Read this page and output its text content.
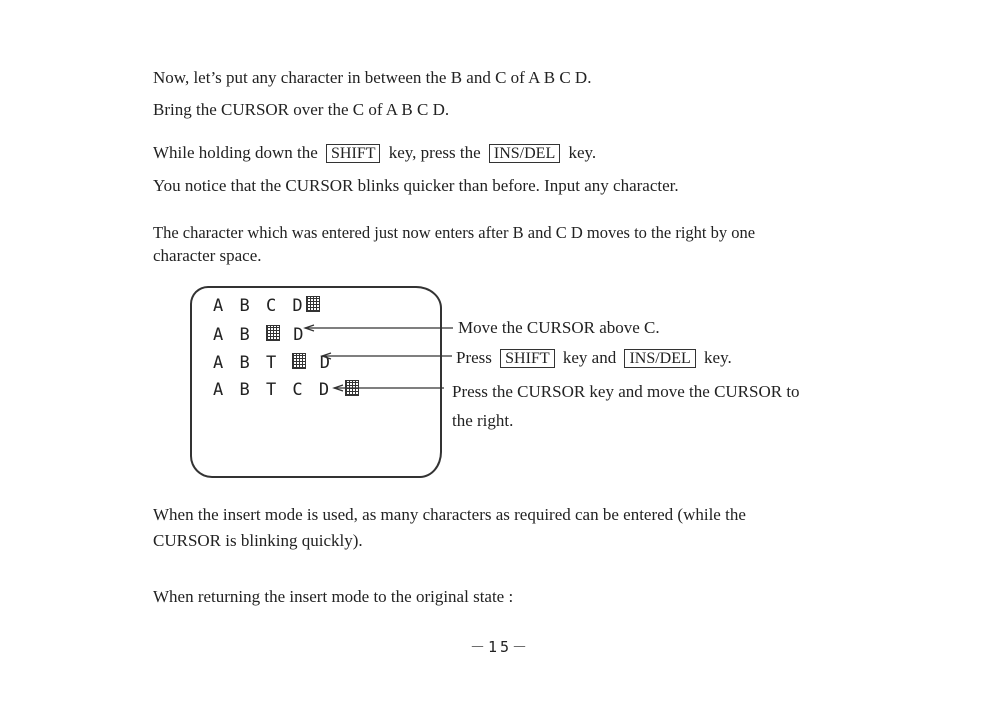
Now, let’s put any character in between the B and C of A B C D.
Bring the CURSOR over the C of A B C D.
While holding down the SHIFT key, press the INS/DEL key.
You notice that the CURSOR blinks quicker than before. Input any character.
The character which was entered just now enters after B and C D moves to the right by one
character space.
A B C D
A B D
A B T D
A B T C D
Move the CURSOR above C.
Press SHIFT key and INS/DEL key.
Press the CURSOR key and move the CURSOR to
the right.
When the insert mode is used, as many characters as required can be entered (while the
CURSOR is blinking quickly).
When returning the insert mode to the original state :
－15－
